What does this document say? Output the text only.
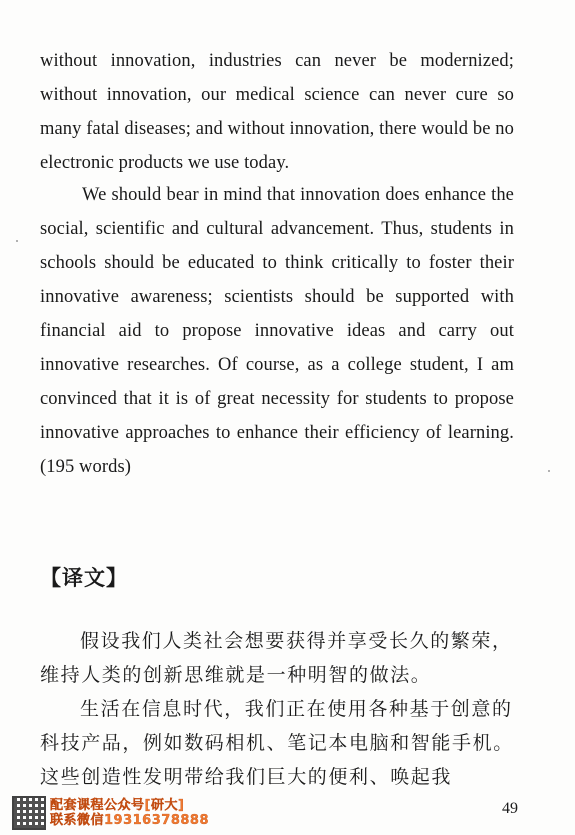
without innovation, industries can never be modernized; without innovation, our medical science can never cure so many fatal diseases; and without innovation, there would be no electronic products we use today.

We should bear in mind that innovation does enhance the social, scientific and cultural advancement. Thus, students in schools should be educated to think critically to foster their innovative awareness; scientists should be supported with financial aid to propose innovative ideas and carry out innovative researches. Of course, as a college student, I am convinced that it is of great necessity for students to propose innovative approaches to enhance their efficiency of learning. (195 words)

【译文】

假设我们人类社会想要获得并享受长久的繁荣，维持人类的创新思维就是一种明智的做法。

生活在信息时代，我们正在使用各种基于创意的科技产品，例如数码相机、笔记本电脑和智能手机。这些创造性发明带给我们巨大的便利、唤起我

49
配套课程公众号[研大]
联系微信19316378888
